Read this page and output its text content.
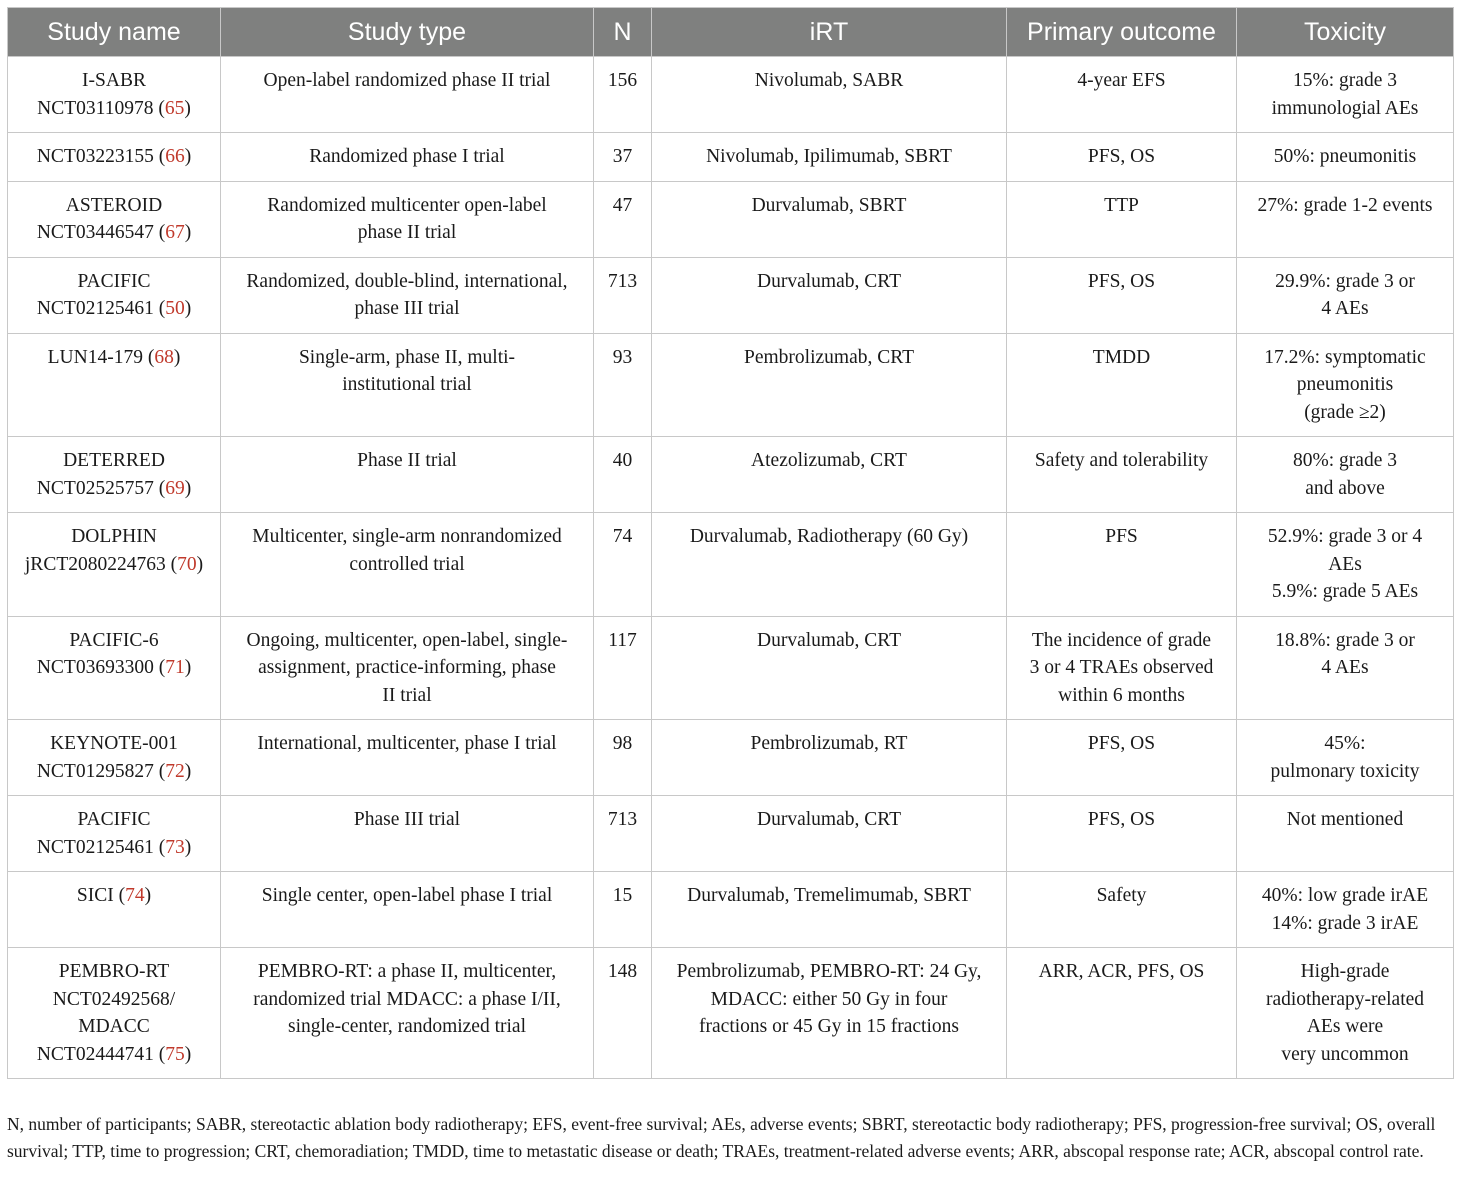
Study name	Study type	N	iRT	Primary outcome	Toxicity

I-SABR
NCT03110978 (65)	Open-label randomized phase II trial	156	Nivolumab, SABR	4-year EFS	15%: grade 3
immunologial AEs

NCT03223155 (66)	Randomized phase I trial	37	Nivolumab, Ipilimumab, SBRT	PFS, OS	50%: pneumonitis

ASTEROID
NCT03446547 (67)	Randomized multicenter open-label
phase II trial	47	Durvalumab, SBRT	TTP	27%: grade 1-2 events

PACIFIC
NCT02125461 (50)	Randomized, double-blind, international,
phase III trial	713	Durvalumab, CRT	PFS, OS	29.9%: grade 3 or
4 AEs

LUN14-179 (68)	Single-arm, phase II, multi-
institutional trial	93	Pembrolizumab, CRT	TMDD	17.2%: symptomatic
pneumonitis
(grade ≥2)

DETERRED
NCT02525757 (69)	Phase II trial	40	Atezolizumab, CRT	Safety and tolerability	80%: grade 3
and above

DOLPHIN
jRCT2080224763 (70)	Multicenter, single-arm nonrandomized
controlled trial	74	Durvalumab, Radiotherapy (60 Gy)	PFS	52.9%: grade 3 or 4
AEs
5.9%: grade 5 AEs

PACIFIC-6
NCT03693300 (71)	Ongoing, multicenter, open-label, single-
assignment, practice-informing, phase
II trial	117	Durvalumab, CRT	The incidence of grade
3 or 4 TRAEs observed
within 6 months	18.8%: grade 3 or
4 AEs

KEYNOTE-001
NCT01295827 (72)	International, multicenter, phase I trial	98	Pembrolizumab, RT	PFS, OS	45%:
pulmonary toxicity

PACIFIC
NCT02125461 (73)	Phase III trial	713	Durvalumab, CRT	PFS, OS	Not mentioned

SICI (74)	Single center, open-label phase I trial	15	Durvalumab, Tremelimumab, SBRT	Safety	40%: low grade irAE
14%: grade 3 irAE

PEMBRO-RT
NCT02492568/
MDACC
NCT02444741 (75)	PEMBRO-RT: a phase II, multicenter,
randomized trial MDACC: a phase I/II,
single-center, randomized trial	148	Pembrolizumab, PEMBRO-RT: 24 Gy,
MDACC: either 50 Gy in four
fractions or 45 Gy in 15 fractions	ARR, ACR, PFS, OS	High-grade
radiotherapy-related
AEs were
very uncommon
N, number of participants; SABR, stereotactic ablation body radiotherapy; EFS, event-free survival; AEs, adverse events; SBRT, stereotactic body radiotherapy; PFS, progression-free survival; OS, overall survival; TTP, time to progression; CRT, chemoradiation; TMDD, time to metastatic disease or death; TRAEs, treatment-related adverse events; ARR, abscopal response rate; ACR, abscopal control rate.
